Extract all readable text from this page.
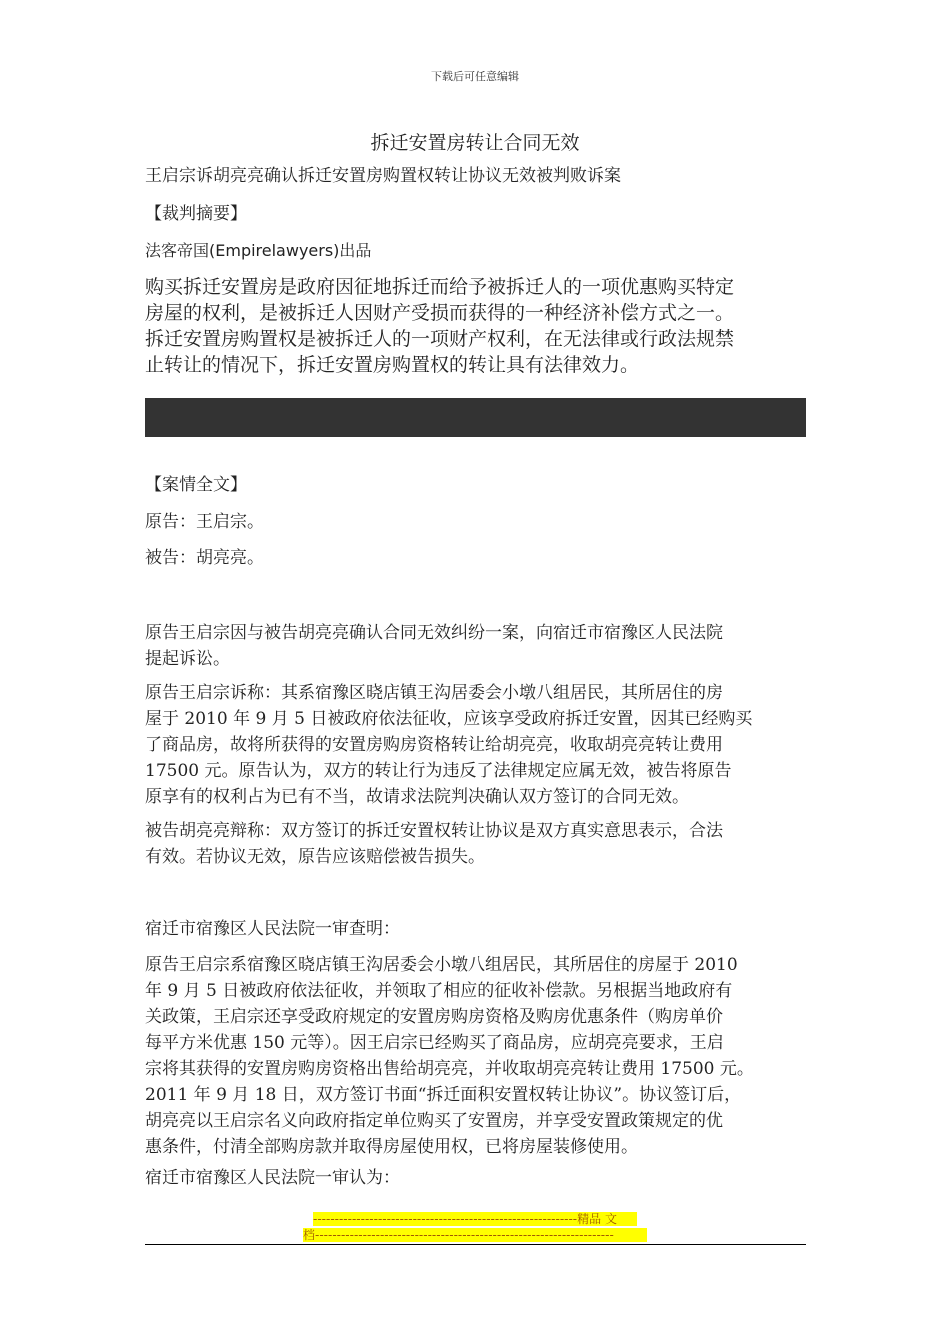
下载后可任意编辑
拆迁安置房转让合同无效
王启宗诉胡亮亮确认拆迁安置房购置权转让协议无效被判败诉案
【裁判摘要】
法客帝国(Empirelawyers)出品
购买拆迁安置房是政府因征地拆迁而给予被拆迁人的一项优惠购买特定
房屋的权利，是被拆迁人因财产受损而获得的一种经济补偿方式之一。
拆迁安置房购置权是被拆迁人的一项财产权利，在无法律或行政法规禁
止转让的情况下，拆迁安置房购置权的转让具有法律效力。
【案情全文】
原告：王启宗。
被告：胡亮亮。
原告王启宗因与被告胡亮亮确认合同无效纠纷一案，向宿迁市宿豫区人民法院
提起诉讼。
原告王启宗诉称：其系宿豫区晓店镇王沟居委会小墩八组居民，其所居住的房
屋于 2010 年 9 月 5 日被政府依法征收，应该享受政府拆迁安置，因其已经购买
了商品房，故将所获得的安置房购房资格转让给胡亮亮，收取胡亮亮转让费用
17500 元。原告认为，双方的转让行为违反了法律规定应属无效，被告将原告
原享有的权利占为已有不当，故请求法院判决确认双方签订的合同无效。
被告胡亮亮辩称：双方签订的拆迁安置权转让协议是双方真实意思表示，合法
有效。若协议无效，原告应该赔偿被告损失。
宿迁市宿豫区人民法院一审查明：
原告王启宗系宿豫区晓店镇王沟居委会小墩八组居民，其所居住的房屋于 2010
年 9 月 5 日被政府依法征收，并领取了相应的征收补偿款。另根据当地政府有
关政策，王启宗还享受政府规定的安置房购房资格及购房优惠条件（购房单价
每平方米优惠 150 元等）。因王启宗已经购买了商品房，应胡亮亮要求，王启
宗将其获得的安置房购房资格出售给胡亮亮，并收取胡亮亮转让费用 17500 元。
2011 年 9 月 18 日，双方签订书面“拆迁面积安置权转让协议”。协议签订后，
胡亮亮以王启宗名义向政府指定单位购买了安置房，并享受安置政策规定的优
惠条件，付清全部购房款并取得房屋使用权，已将房屋装修使用。
宿迁市宿豫区人民法院一审认为：
-------------------------------------------------------------精品 文
档---------------------------------------------------------------------
